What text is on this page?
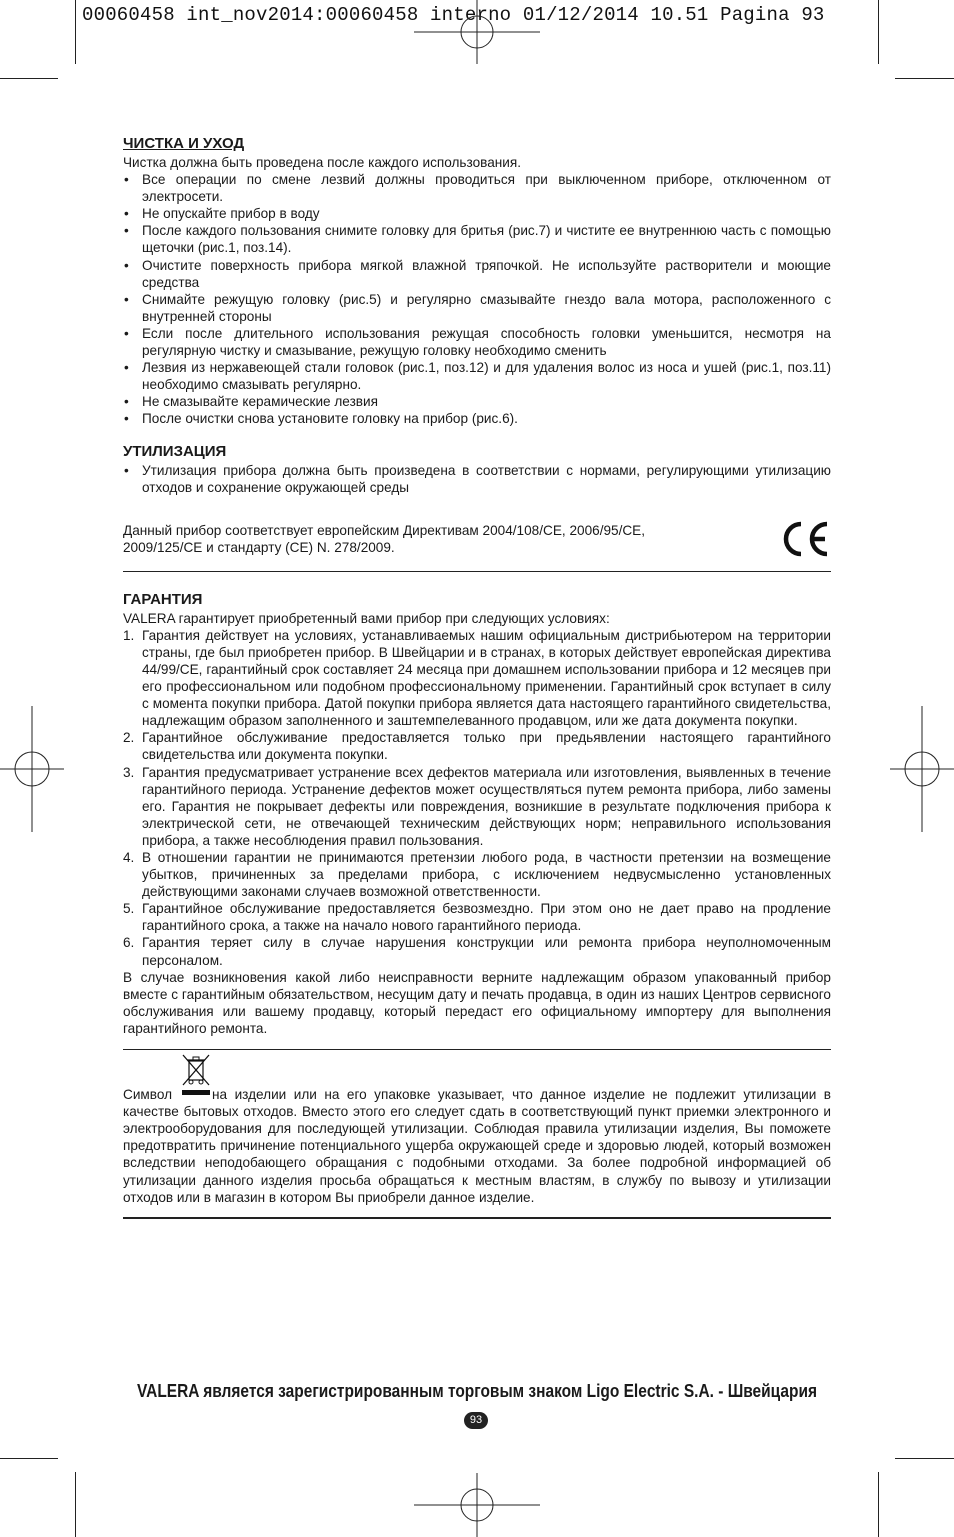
00060458 int_nov2014:00060458 interno 01/12/2014 10.51 Pagina 93
ЧИСТКА И УХОД

Чистка должна быть проведена после каждого использования.

• Все операции по смене лезвий должны проводиться при выключенном приборе, отключенном от электросети.
• Не опускайте прибор в воду
• После каждого пользования снимите головку для бритья (рис.7) и чистите ее внутреннюю часть с помощью щеточки (рис.1, поз.14).
• Очистите поверхность прибора мягкой влажной тряпочкой. Не используйте растворители и моющие средства
• Снимайте режущую головку (рис.5) и регулярно смазывайте гнездо вала мотора, расположенного с внутренней стороны
• Если после длительного использования режущая способность головки уменьшится, несмотря на регулярную чистку и смазывание, режущую головку необходимо сменить
• Лезвия из нержавеющей стали головок (рис.1, поз.12) и для удаления волос из носа и ушей (рис.1, поз.11) необходимо смазывать регулярно.
• Не смазывайте керамические лезвия
• После очистки снова установите головку на прибор (рис.6).
УТИЛИЗАЦИЯ
• Утилизация прибора должна быть произведена в соответствии с нормами, регулирующими утилизацию отходов и сохранение окружающей среды

Данный прибор соответствует европейским Директивам 2004/108/CE, 2006/95/CE, 2009/125/CE и стандарту (CE) N. 278/2009.

ГАРАНТИЯ

VALERA гарантирует приобретенный вами прибор при следующих условиях:

1. Гарантия действует на условиях, устанавливаемых нашим официальным дистрибьютером на территории страны, где был приобретен прибор. В Швейцарии и в странах, в которых действует европейская директива 44/99/CE, гарантийный срок составляет 24 месяца при домашнем использовании прибора и 12 месяцев при его профессиональном или подобном профессиональному применении. Гарантийный срок вступает в силу с момента покупки прибора. Датой покупки прибора является дата настоящего гарантийного свидетельства, надлежащим образом заполненного и заштемпелеванного продавцом, или же дата документа покупки.
2. Гарантийное обслуживание предоставляется только при предьявлении настоящего гарантийного свидетельства или документа покупки.
3. Гарантия предусматривает устранение всех дефектов материала или изготовления, выявленных в течение гарантийного периода. Устранение дефектов может осуществляться путем ремонта прибора, либо замены его. Гарантия не покрывает дефекты или повреждения, возникшие в результате подключения прибора к электрической сети, не отвечающей техническим действующих норм; неправильного использования прибора, а также несоблюдения правил пользования.
4. В отношении гарантии не принимаются претензии любого рода, в частности претензии на возмещение убытков, причиненных за пределами прибора, с исключением недвусмысленно установленных действующими законами случаев возможной ответственности.
5. Гарантийное обслуживание предоставляется безвозмездно. При этом оно не дает право на продление гарантийного срока, а также на начало нового гарантийного периода.
6. Гарантия теряет силу в случае нарушения конструкции или ремонта прибора неуполномоченным персоналом.

В случае возникновения какой либо неисправности верните надлежащим образом упакованный прибор вместе с гарантийным обязательством, несущим дату и печать продавца, в один из наших Центров сервисного обслуживания или вашему продавцу, который передаст его официальному импортеру для выполнения гарантийного ремонта.

Символ	на изделии или на его упаковке указывает, что данное изделие не подлежит утилизации в качестве бытовых отходов. Вместо этого его следует сдать в соответствующий пункт приемки электронного и электрооборудования для последующей утилизации. Соблюдая правила утилизации изделия, Вы поможете предотвратить причинение потенциального ущерба окружающей среде и здоровью людей, который возможен вследствии неподобающего обращания с подобными отходами. За более подробной информацией об утилизации данного изделия просьба обращаться к местным властям, в службу по вывозу и утилизации отходов или в магазин в котором Вы приобрели данное изделие.

VALERA является зарегистрированным торговым знаком Ligo Electric S.A. - Швейцария
93
